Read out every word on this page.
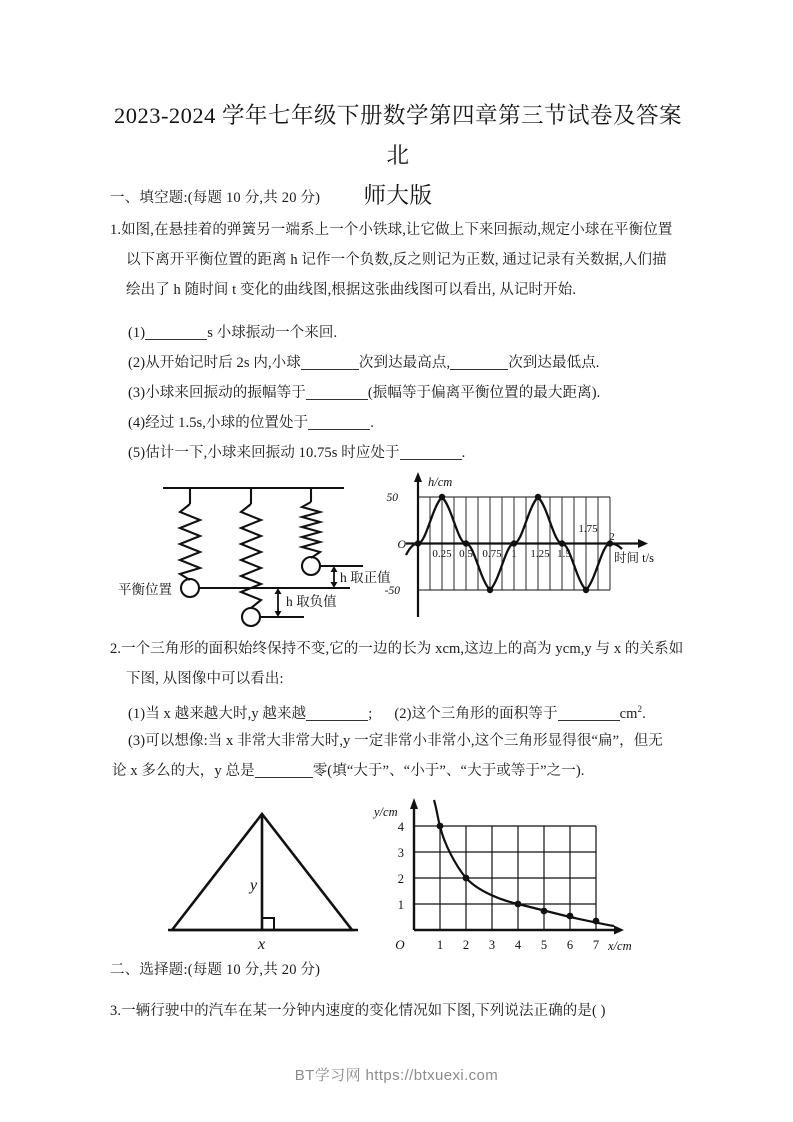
2023-2024 学年七年级下册数学第四章第三节试卷及答案北
师大版
一、填空题:(每题 10 分,共 20 分)
1.如图,在悬挂着的弹簧另一端系上一个小铁球,让它做上下来回振动,规定小球在平衡位置
以下离开平衡位置的距离 h 记作一个负数,反之则记为正数, 通过记录有关数据,人们描
绘出了 h 随时间 t 变化的曲线图,根据这张曲线图可以看出, 从记时开始.
(1)	s 小球振动一个来回.
(2)从开始记时后 2s 内,小球	次到达最高点,	次到达最低点.
(3)小球来回振动的振幅等于	(振幅等于偏离平衡位置的最大距离).
(4)经过 1.5s,小球的位置处于	.
(5)估计一下,小球来回振动 10.75s 时应处于	.
平衡位置
h 取正值
h 取负值
h/cm
时间 t/s
50
-50
O
0.25 0.5 0.75 1 1.25 1.5
1.75
2
2.一个三角形的面积始终保持不变,它的一边的长为 xcm,这边上的高为 ycm,y 与 x 的关系如
下图, 从图像中可以看出:
(1)当 x 越来越大时,y 越来越	; (2)这个三角形的面积等于	$cm^2$.
(3)可以想像:当 x 非常大非常大时,y 一定非常小非常小,这个三角形显得很“扁”，但无
论 x 多么的大，y 总是	零(填“大于”、“小于”、“大于或等于”之一).
y
x
y/cm
x/cm
O
1
2
3
4
1 2 3 4 5 6 7
二、选择题:(每题 10 分,共 20 分)
3.一辆行驶中的汽车在某一分钟内速度的变化情况如下图,下列说法正确的是( )
BT学习网 https://btxuexi.com
